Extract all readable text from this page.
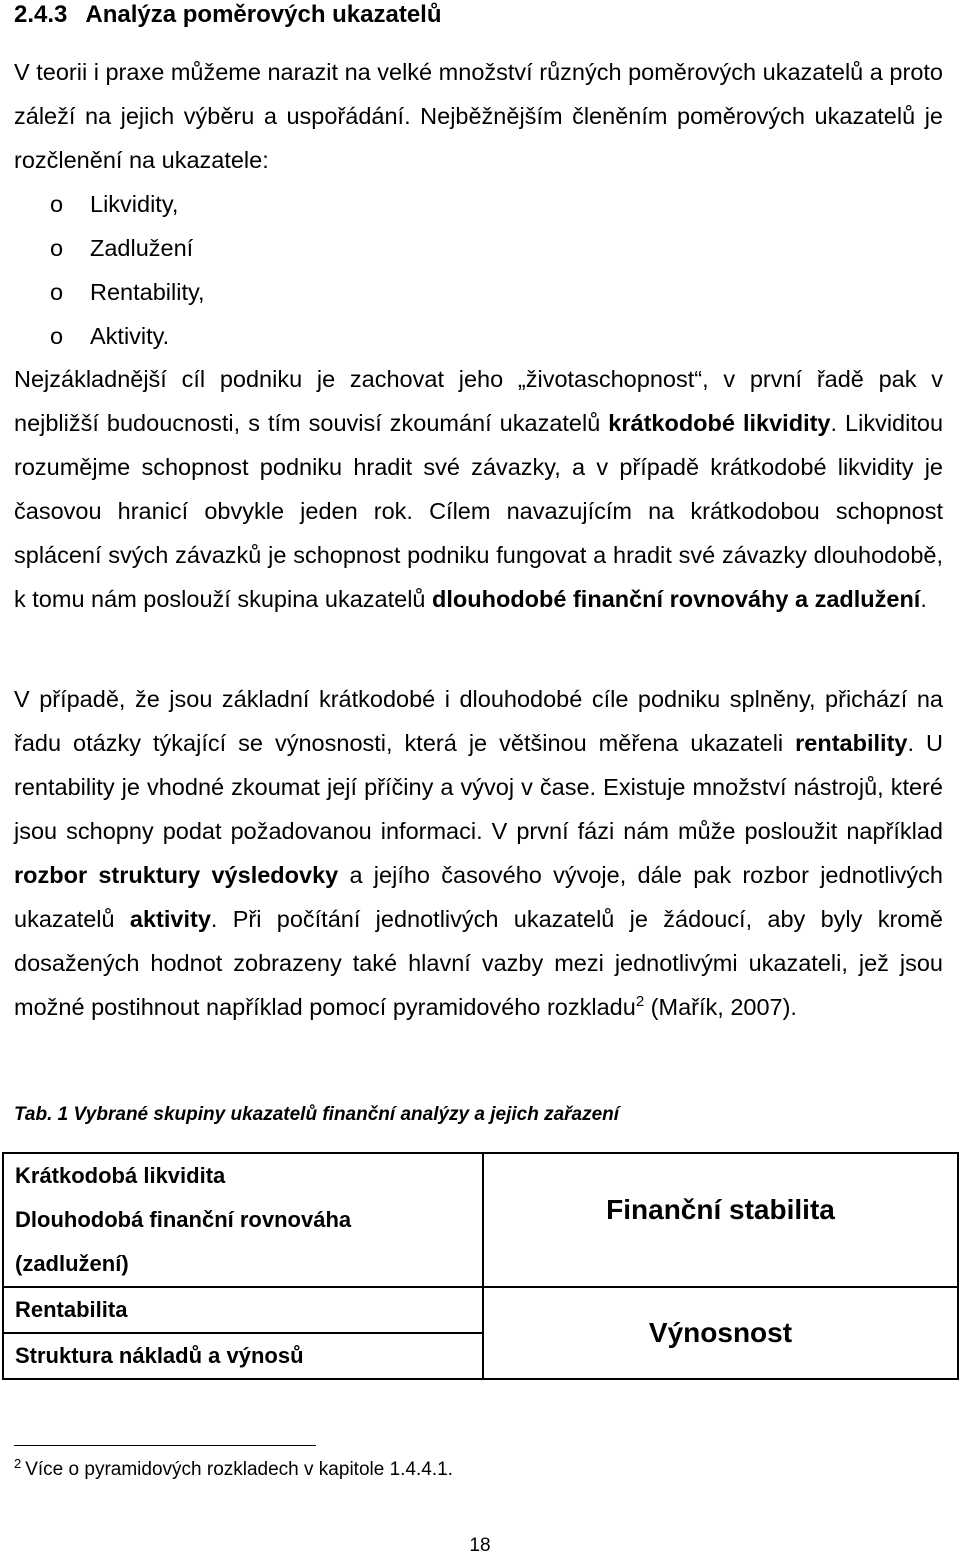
2.4.3 Analýza poměrových ukazatelů
V teorii i praxe můžeme narazit na velké množství různých poměrových ukazatelů a proto záleží na jejich výběru a uspořádání. Nejběžnějším členěním poměrových ukazatelů je rozčlenění na ukazatele:
o Likvidity,
o Zadlužení
o Rentability,
o Aktivity.
Nejzákladnější cíl podniku je zachovat jeho „životaschopnost“, v první řadě pak v nejbližší budoucnosti, s tím souvisí zkoumání ukazatelů krátkodobé likvidity. Likviditou rozumějme schopnost podniku hradit své závazky, a v případě krátkodobé likvidity je časovou hranicí obvykle jeden rok. Cílem navazujícím na krátkodobou schopnost splácení svých závazků je schopnost podniku fungovat a hradit své závazky dlouhodobě, k tomu nám poslouží skupina ukazatelů dlouhodobé finanční rovnováhy a zadlužení.
V případě, že jsou základní krátkodobé i dlouhodobé cíle podniku splněny, přichází na řadu otázky týkající se výnosnosti, která je většinou měřena ukazateli rentability. U rentability je vhodné zkoumat její příčiny a vývoj v čase. Existuje množství nástrojů, které jsou schopny podat požadovanou informaci. V první fázi nám může posloužit například rozbor struktury výsledovky a jejího časového vývoje, dále pak rozbor jednotlivých ukazatelů aktivity. Při počítání jednotlivých ukazatelů je žádoucí, aby byly kromě dosažených hodnot zobrazeny také hlavní vazby mezi jednotlivými ukazateli, jež jsou možné postihnout například pomocí pyramidového rozkladu$^2$ (Mařík, 2007).
Tab. 1 Vybrané skupiny ukazatelů finanční analýzy a jejich zařazení
Krátkodobá likvidita
Dlouhodobá finanční rovnováha
(zadlužení)	Finanční stabilita

Rentabilita
Struktura nákladů a výnosů	Výnosnost
$^2$ Více o pyramidových rozkladech v kapitole 1.4.4.1.
18
